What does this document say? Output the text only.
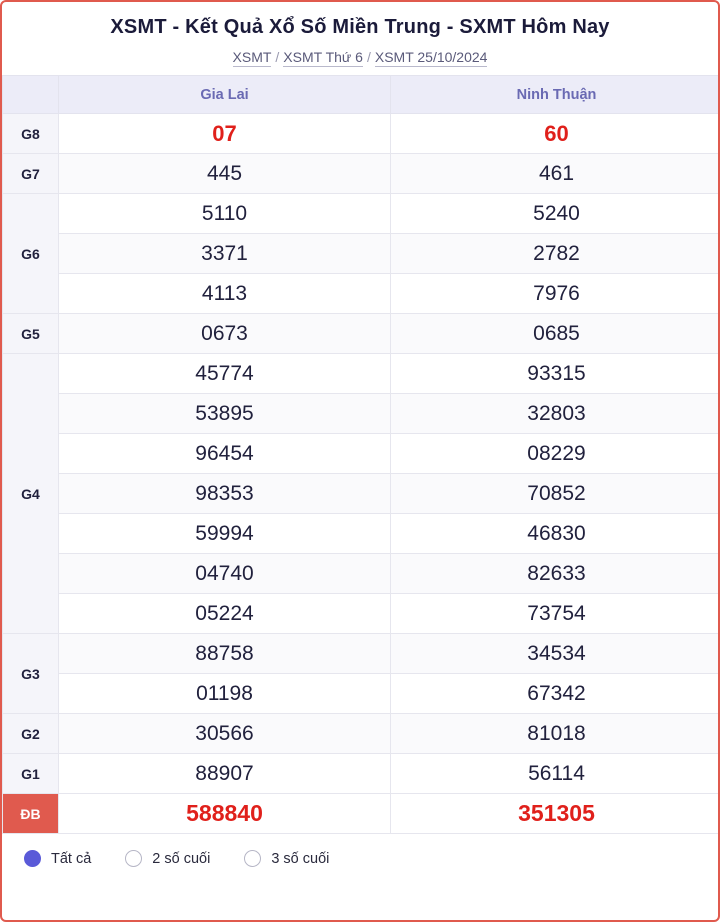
XSMT - Kết Quả Xổ Số Miền Trung - SXMT Hôm Nay
XSMT / XSMT Thứ 6 / XSMT 25/10/2024
	Gia Lai	Ninh Thuận
G8	07	60
G7	445	461
G6	5110	5240
	3371	2782
	4113	7976
G5	0673	0685
G4	45774	93315
	53895	32803
	96454	08229
	98353	70852
	59994	46830
	04740	82633
	05224	73754
G3	88758	34534
	01198	67342
G2	30566	81018
G1	88907	56114
ĐB	588840	351305
Tất cả	2 số cuối	3 số cuối
